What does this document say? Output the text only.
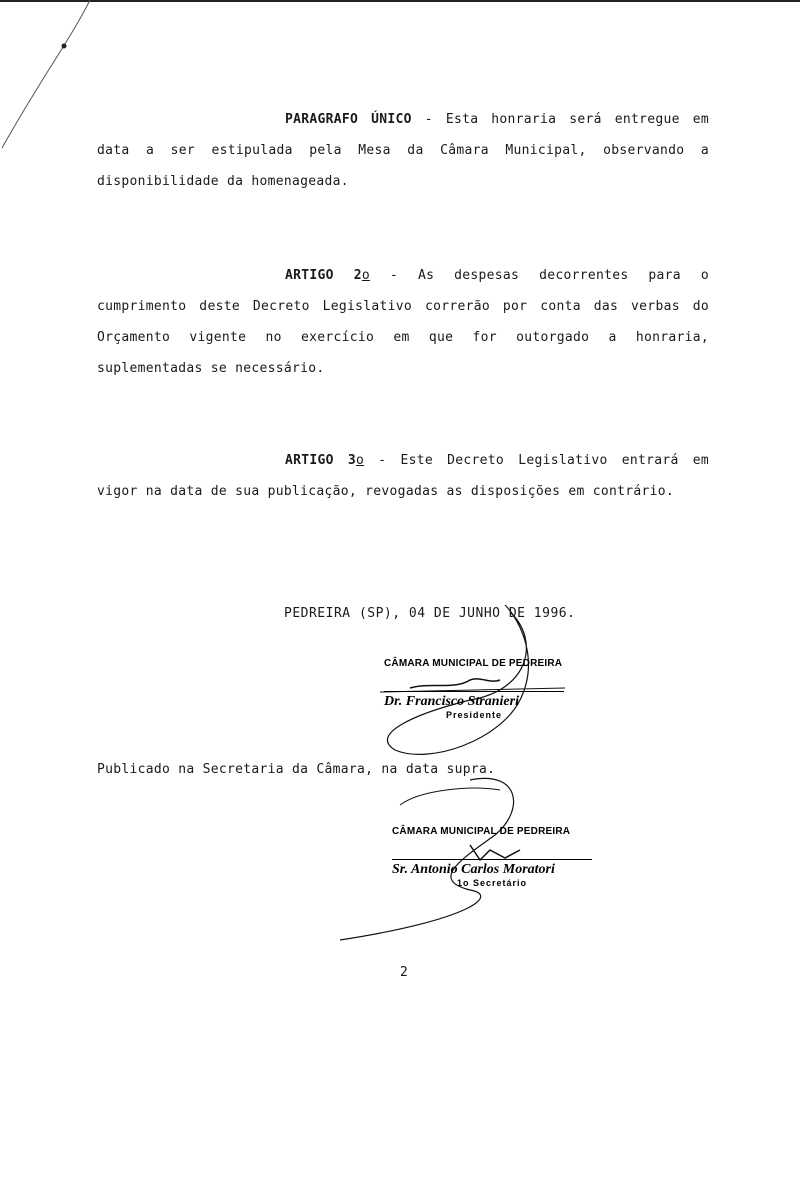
PARAGRAFO ÚNICO - Esta honraria será entregue em data a ser estipulada pela Mesa da Câmara Municipal, observando a disponibilidade da homenageada.

ARTIGO 2o - As despesas decorrentes para o cumprimento deste Decreto Legislativo correrão por conta das verbas do Orçamento vigente no exercício em que for outorgado a honraria, suplementadas se necessário.

ARTIGO 3o - Este Decreto Legislativo entrará em vigor na data de sua publicação, revogadas as disposições em contrário.

PEDREIRA (SP), 04 DE JUNHO DE 1996.
CÂMARA MUNICIPAL DE PEDREIRA
Dr. Francisco Stranieri
Presidente
Publicado na Secretaria da Câmara, na data supra.
CÂMARA MUNICIPAL DE PEDREIRA
Sr. Antonio Carlos Moratori
1o Secretário
2
